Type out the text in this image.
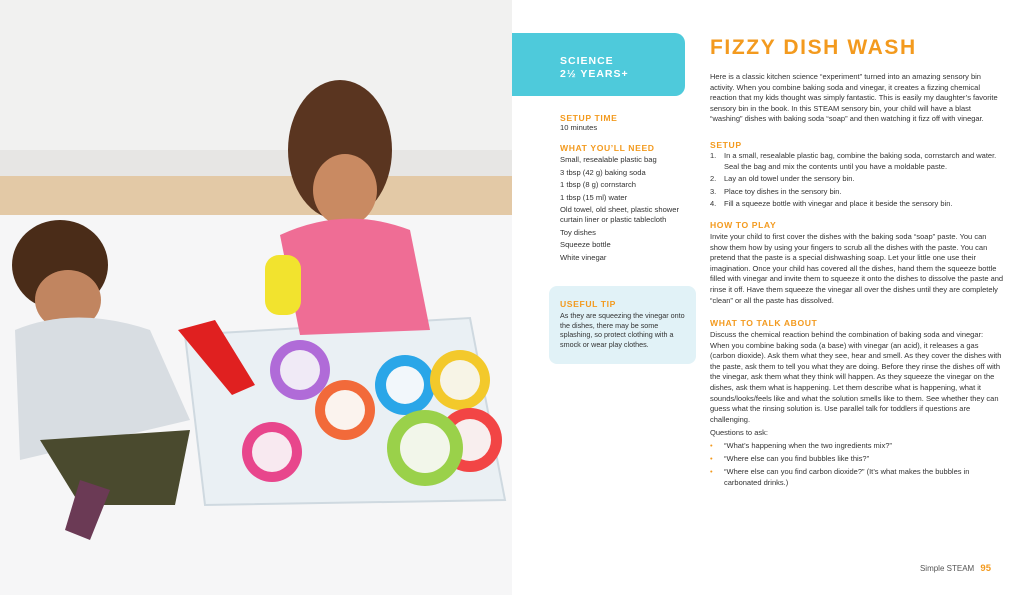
SCIENCE
2½ YEARS+
FIZZY DISH WASH

Here is a classic kitchen science “experiment” turned into an amazing sensory bin activity. When you combine baking soda and vinegar, it creates a fizzing chemical reaction that my kids thought was simply fantastic. This is easily my daughter’s favorite sensory bin in the book. In this STEAM sensory bin, your child will have a blast “washing” dishes with baking soda “soap” and then watching it fizz off with vinegar.

SETUP TIME
10 minutes
WHAT YOU’LL NEED
Small, resealable plastic bag
3 tbsp (42 g) baking soda
1 tbsp (8 g) cornstarch
1 tbsp (15 ml) water
Old towel, old sheet, plastic shower curtain liner or plastic tablecloth
Toy dishes
Squeeze bottle
White vinegar
USEFUL TIP
As they are squeezing the vinegar onto the dishes, there may be some splashing, so protect clothing with a smock or wear play clothes.
SETUP
1. In a small, resealable plastic bag, combine the baking soda, cornstarch and water. Seal the bag and mix the contents until you have a moldable paste.
2. Lay an old towel under the sensory bin.
3. Place toy dishes in the sensory bin.
4. Fill a squeeze bottle with vinegar and place it beside the sensory bin.
HOW TO PLAY

Invite your child to first cover the dishes with the baking soda “soap” paste. You can show them how by using your fingers to scrub all the dishes with the paste. You can pretend that the paste is a special dishwashing soap. Let your little one use their imagination. Once your child has covered all the dishes, hand them the squeeze bottle filled with vinegar and invite them to squeeze it onto the dishes to dissolve the paste and rinse it off. Have them squeeze the vinegar all over the dishes until they are completely “clean” or all the paste has dissolved.

WHAT TO TALK ABOUT

Discuss the chemical reaction behind the combination of baking soda and vinegar: When you combine baking soda (a base) with vinegar (an acid), it releases a gas (carbon dioxide). Ask them what they see, hear and smell. As they cover the dishes with the paste, ask them to tell you what they are doing. Before they rinse the dishes off with the vinegar, ask them what they think will happen. As they squeeze the vinegar on the dishes, ask them what is happening. Let them describe what is happening, what it sounds/looks/feels like and what the solution smells like to them. See whether they can guess what the rinsing solution is. Use parallel talk for toddlers if questions are challenging.

Questions to ask:

• “What’s happening when the two ingredients mix?”
• “Where else can you find bubbles like this?”
• “Where else can you find carbon dioxide?” (It’s what makes the bubbles in carbonated drinks.)
Simple STEAM 95
